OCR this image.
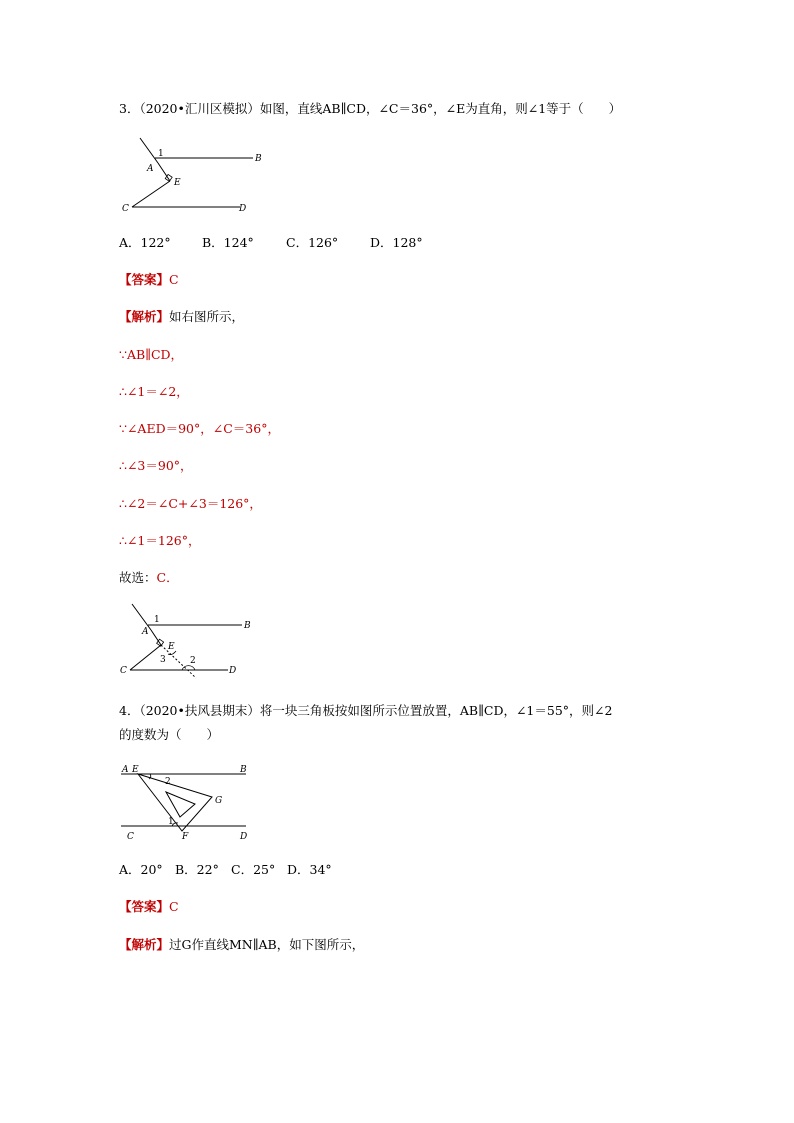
3．（2020•汇川区模拟）如图，直线AB∥CD，∠C＝36°，∠E为直角，则∠1等于（　　）
1
A
B
E
C	D
A．122°	B．124°	C．126°	D．128°
【答案】C
【解析】如右图所示，
∵AB∥CD，
∴∠1＝∠2，
∵∠AED＝90°，∠C＝36°，
∴∠3＝90°，
∴∠2＝∠C+∠3＝126°，
∴∠1＝126°，
故选：C．
1
A
B
E
3	2
C	D
4．（2020•扶风县期末）将一块三角板按如图所示位置放置，AB∥CD，∠1＝55°，则∠2
的度数为（　　）
A E	B
2
G
1
C	F	D
A．20° B．22° C．25° D．34°
【答案】C
【解析】过G作直线MN∥AB，如下图所示，
